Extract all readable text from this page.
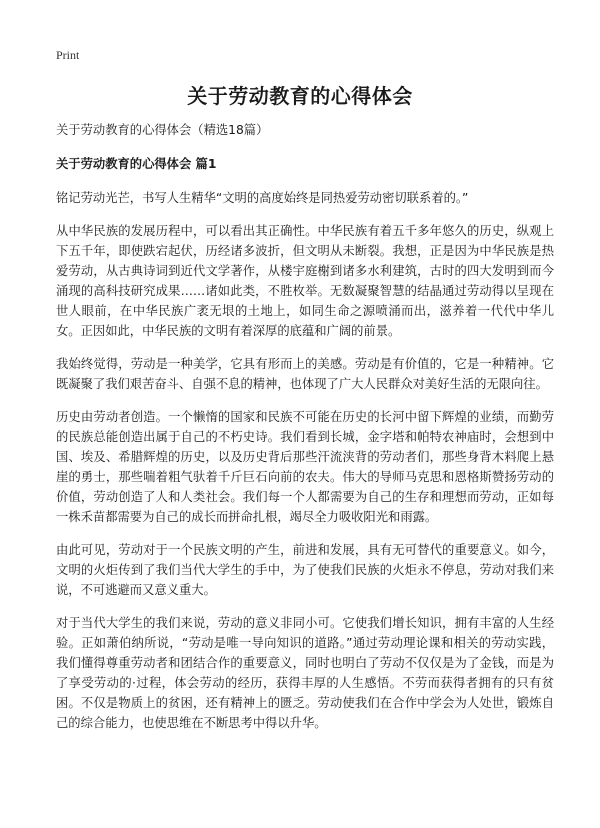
Print
关于劳动教育的心得体会
关于劳动教育的心得体会（精选18篇）
关于劳动教育的心得体会 篇1

铭记劳动光芒，书写人生精华“文明的高度始终是同热爱劳动密切联系着的。”

从中华民族的发展历程中，可以看出其正确性。中华民族有着五千多年悠久的历史，纵观上下五千年，即使跌宕起伏，历经诸多波折，但文明从未断裂。我想，正是因为中华民族是热爱劳动，从古典诗词到近代文学著作，从楼宇庭榭到诸多水利建筑，古时的四大发明到而今涌现的高科技研究成果……诸如此类，不胜枚举。无数凝聚智慧的结晶通过劳动得以呈现在世人眼前，在中华民族广袤无垠的土地上，如同生命之源喷涌而出，滋养着一代代中华儿女。正因如此，中华民族的文明有着深厚的底蕴和广阔的前景。

我始终觉得，劳动是一种美学，它具有形而上的美感。劳动是有价值的，它是一种精神。它既凝聚了我们艰苦奋斗、自强不息的精神，也体现了广大人民群众对美好生活的无限向往。

历史由劳动者创造。一个懒惰的国家和民族不可能在历史的长河中留下辉煌的业绩，而勤劳的民族总能创造出属于自己的不朽史诗。我们看到长城，金字塔和帕特农神庙时，会想到中国、埃及、希腊辉煌的历史，以及历史背后那些汗流浃背的劳动者们，那些身背木料爬上悬崖的勇士，那些喘着粗气驮着千斤巨石向前的农夫。伟大的导师马克思和恩格斯赞扬劳动的价值，劳动创造了人和人类社会。我们每一个人都需要为自己的生存和理想而劳动，正如每一株禾苗都需要为自己的成长而拼命扎根，竭尽全力吸收阳光和雨露。

由此可见，劳动对于一个民族文明的产生，前进和发展，具有无可替代的重要意义。如今，文明的火炬传到了我们当代大学生的手中，为了使我们民族的火炬永不停息，劳动对我们来说，不可逃避而又意义重大。

对于当代大学生的我们来说，劳动的意义非同小可。它使我们增长知识，拥有丰富的人生经验。正如萧伯纳所说，“劳动是唯一导向知识的道路。”通过劳动理论课和相关的劳动实践，我们懂得尊重劳动者和团结合作的重要意义，同时也明白了劳动不仅仅是为了金钱，而是为了享受劳动的·过程，体会劳动的经历，获得丰厚的人生感悟。不劳而获得者拥有的只有贫困。不仅是物质上的贫困，还有精神上的匮乏。劳动使我们在合作中学会为人处世，锻炼自己的综合能力，也使思维在不断思考中得以升华。
